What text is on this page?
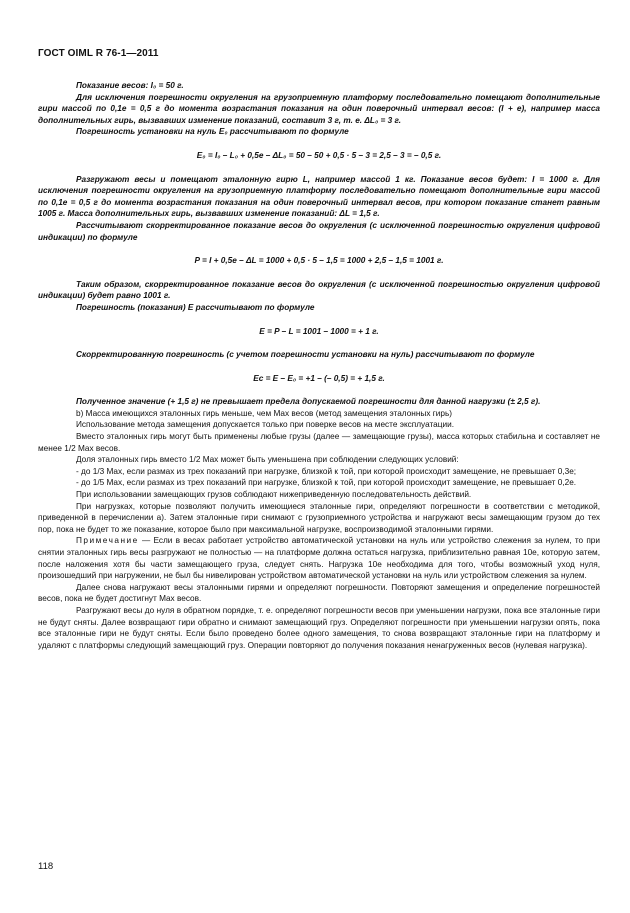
ГОСТ OIML R 76-1—2011

Показание весов: I₀ = 50 г.

Для исключения погрешности округления на грузоприемную платформу последовательно помещают дополнительные гири массой по 0,1e = 0,5 г до момента возрастания показания на один поверочный интервал весов: (I + e), например масса дополнительных гирь, вызвавших изменение показаний, составит 3 г, т. е. ΔL₀ = 3 г.

Погрешность установки на нуль E₀ рассчитывают по формуле

E₀ = I₀ – L₀ + 0,5e – ΔL₀ = 50 – 50 + 0,5 · 5 – 3 = 2,5 – 3 = – 0,5 г.

Разгружают весы и помещают эталонную гирю L, например массой 1 кг. Показание весов будет: I = 1000 г. Для исключения погрешности округления на грузоприемную платформу последовательно помещают дополнительные гири массой по 0,1e = 0,5 г до момента возрастания показания на один поверочный интервал весов, при котором показание станет равным 1005 г. Масса дополнительных гирь, вызвавших изменение показаний: ΔL = 1,5 г.

Рассчитывают скорректированное показание весов до округления (с исключенной погрешностью округления цифровой индикации) по формуле

P = I + 0,5e – ΔL = 1000 + 0,5 · 5 – 1,5 = 1000 + 2,5 – 1,5 = 1001 г.

Таким образом, скорректированное показание весов до округления (с исключенной погрешностью округления цифровой индикации) будет равно 1001 г.

Погрешность (показания) E рассчитывают по формуле

E = P – L = 1001 – 1000 = + 1 г.

Скорректированную погрешность (с учетом погрешности установки на нуль) рассчитывают по формуле

Ec = E – E₀ = +1 – (– 0,5) = + 1,5 г.

Полученное значение (+ 1,5 г) не превышает предела допускаемой погрешности для данной нагрузки (± 2,5 г).

b) Масса имеющихся эталонных гирь меньше, чем Max весов (метод замещения эталонных гирь)

Использование метода замещения допускается только при поверке весов на месте эксплуатации.

Вместо эталонных гирь могут быть применены любые грузы (далее — замещающие грузы), масса которых стабильна и составляет не менее 1/2 Max весов.

Доля эталонных гирь вместо 1/2 Max может быть уменьшена при соблюдении следующих условий:

- до 1/3 Max, если размах из трех показаний при нагрузке, близкой к той, при которой происходит замещение, не превышает 0,3e;

- до 1/5 Max, если размах из трех показаний при нагрузке, близкой к той, при которой происходит замещение, не превышает 0,2e.

При использовании замещающих грузов соблюдают нижеприведенную последовательность действий.

При нагрузках, которые позволяют получить имеющиеся эталонные гири, определяют погрешности в соответствии с методикой, приведенной в перечислении а). Затем эталонные гири снимают с грузоприемного устройства и нагружают весы замещающим грузом до тех пор, пока не будет то же показание, которое было при максимальной нагрузке, воспроизводимой эталонными гирями.

Примечание — Если в весах работает устройство автоматической установки на нуль или устройство слежения за нулем, то при снятии эталонных гирь весы разгружают не полностью — на платформе должна остаться нагрузка, приблизительно равная 10e, которую затем, после наложения хотя бы части замещающего груза, следует снять. Нагрузка 10e необходима для того, чтобы возможный уход нуля, произошедший при нагружении, не был бы нивелирован устройством автоматической установки на нуль или устройством слежения за нулем.

Далее снова нагружают весы эталонными гирями и определяют погрешности. Повторяют замещения и определение погрешностей весов, пока не будет достигнут Max весов.

Разгружают весы до нуля в обратном порядке, т. е. определяют погрешности весов при уменьшении нагрузки, пока все эталонные гири не будут сняты. Далее возвращают гири обратно и снимают замещающий груз. Определяют погрешности при уменьшении нагрузки опять, пока все эталонные гири не будут сняты. Если было проведено более одного замещения, то снова возвращают эталонные гири на платформу и удаляют с платформы следующий замещающий груз. Операции повторяют до получения показания ненагруженных весов (нулевая нагрузка).

118
